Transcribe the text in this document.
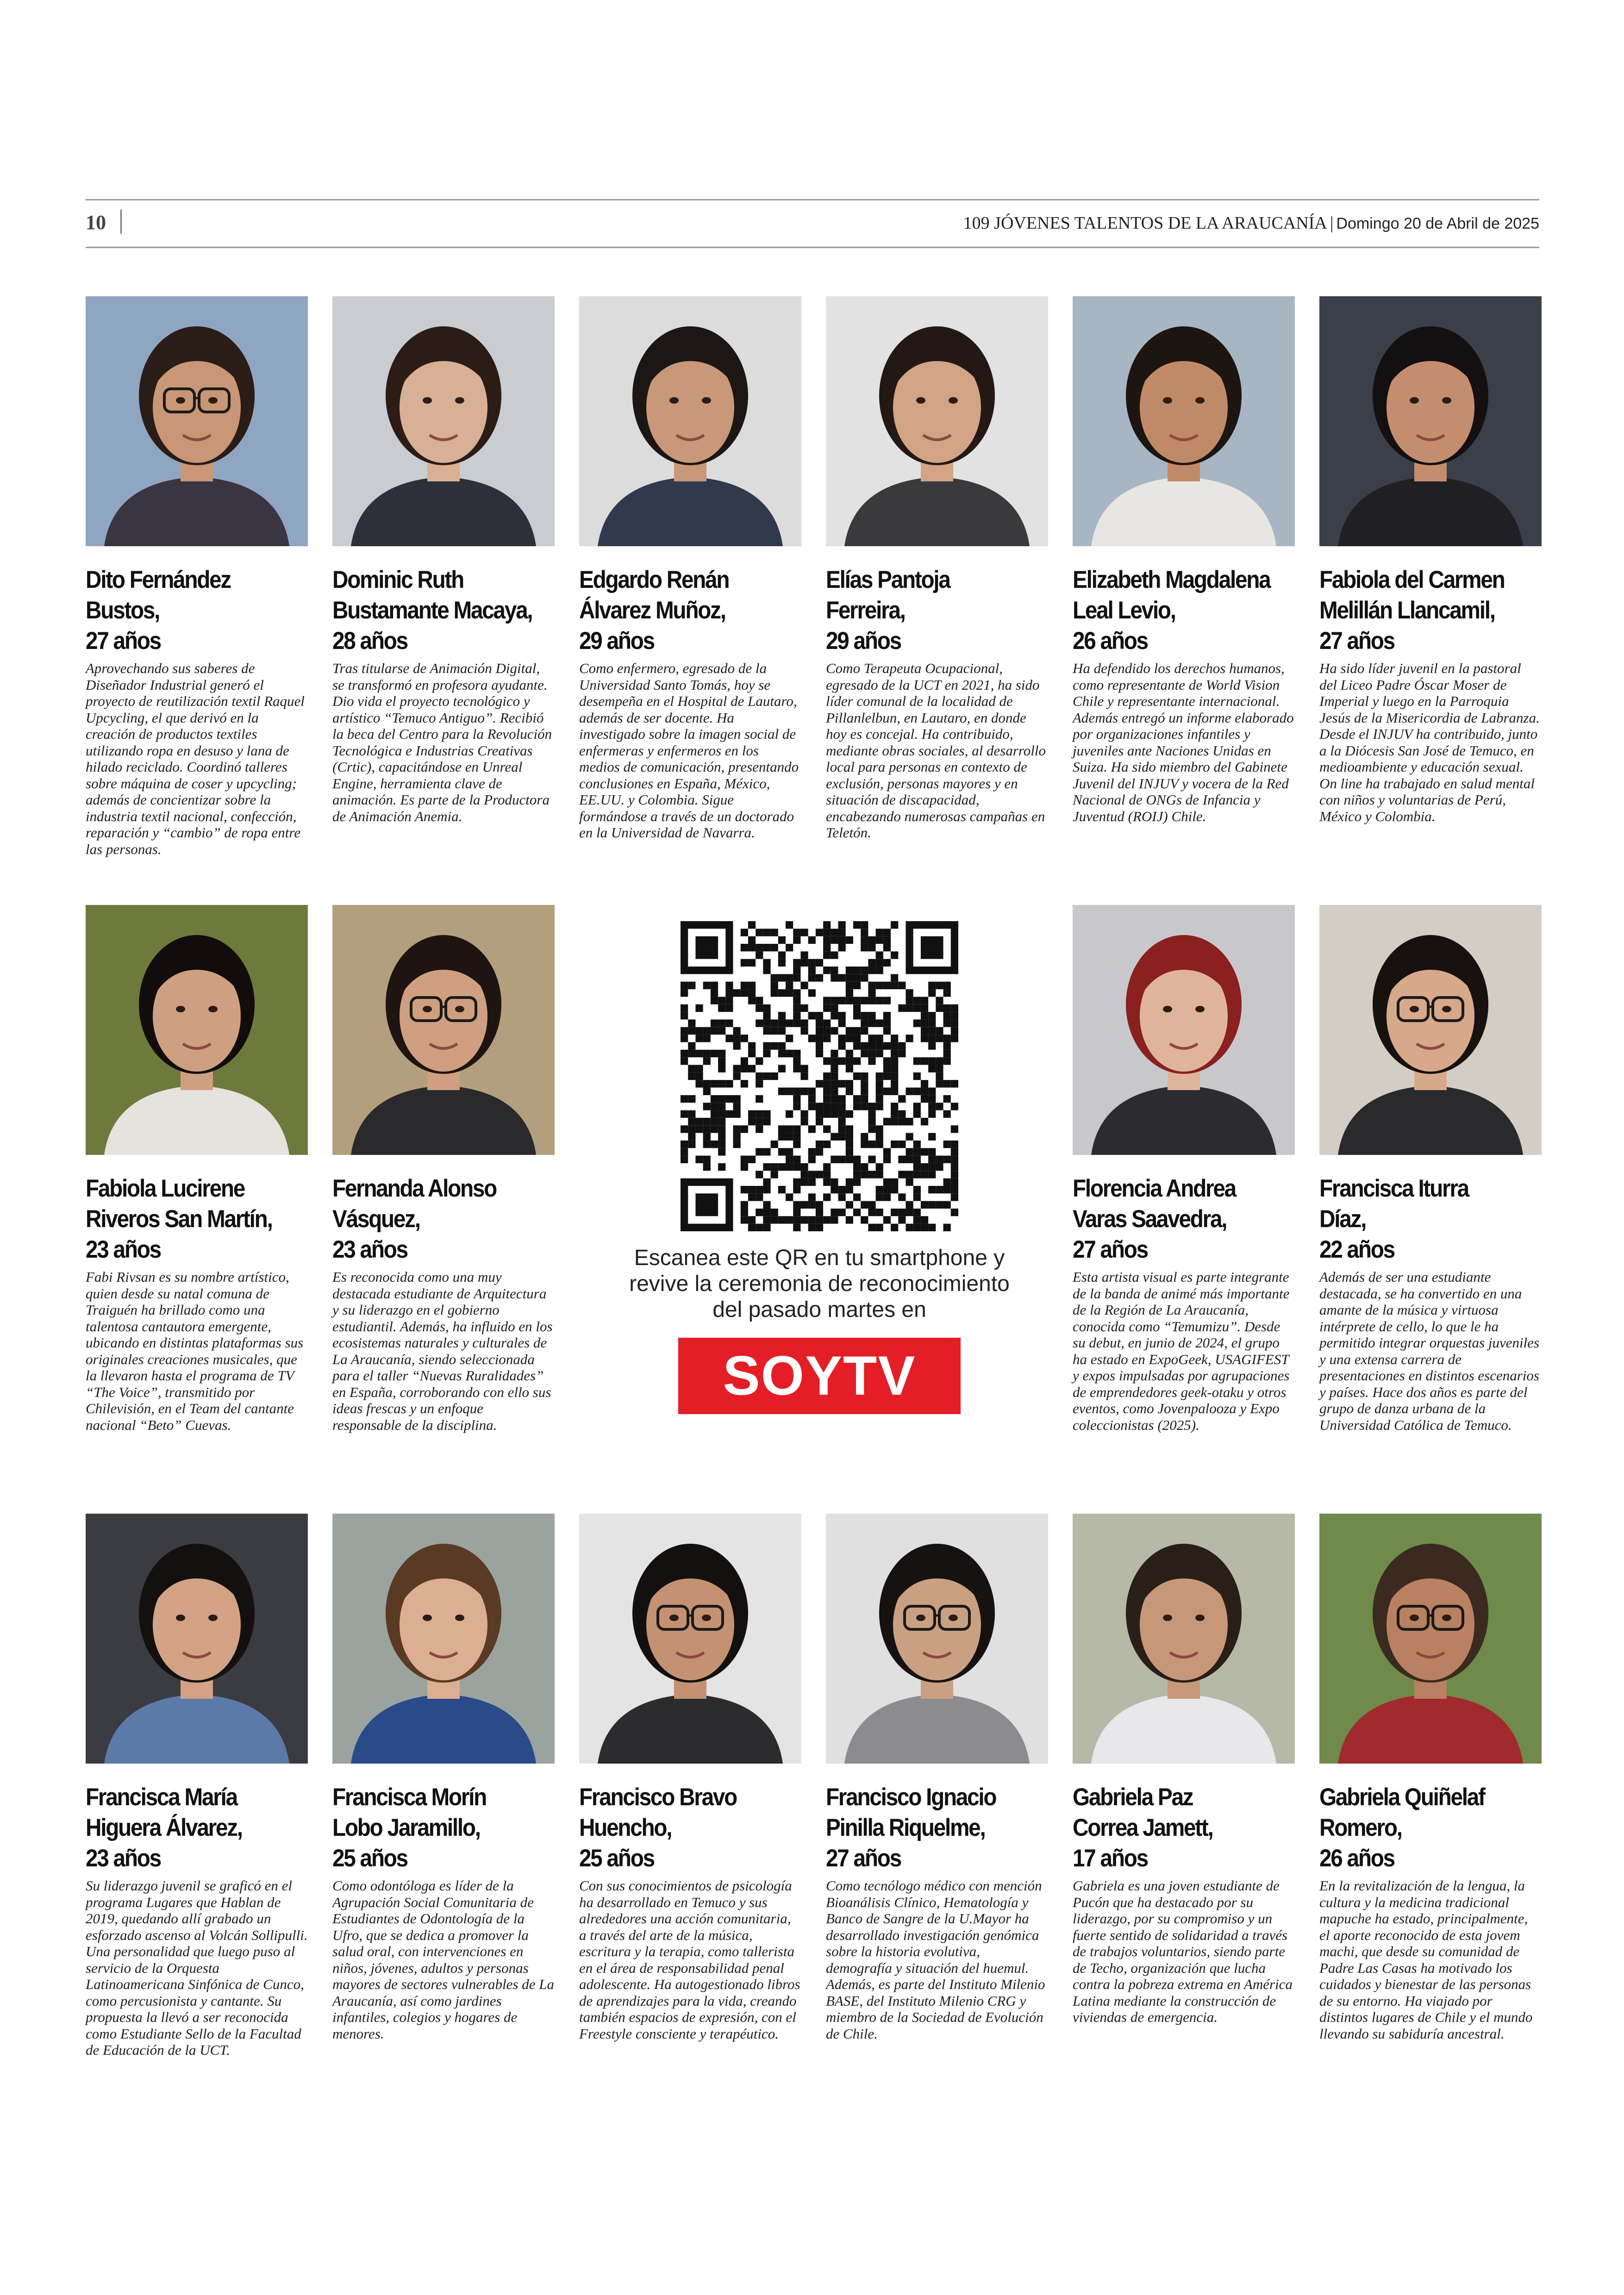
10	109 JÓVENES TALENTOS DE LA ARAUCANÍA | Domingo 20 de Abril de 2025
Dito Fernández
Bustos,
27 años
Aprovechando sus saberes de Diseñador Industrial generó el proyecto de reutilización textil Raquel Upcycling, el que derivó en la creación de productos textiles utilizando ropa en desuso y lana de hilado reciclado. Coordinó talleres sobre máquina de coser y upcycling; además de concientizar sobre la industria textil nacional, confección, reparación y “cambio” de ropa entre las personas.
Dominic Ruth
Bustamante Macaya,
28 años
Tras titularse de Animación Digital, se transformó en profesora ayudante. Dio vida el proyecto tecnológico y artístico “Temuco Antiguo”. Recibió la beca del Centro para la Revolución Tecnológica e Industrias Creativas (Crtic), capacitándose en Unreal Engine, herramienta clave de animación. Es parte de la Productora de Animación Anemia.
Edgardo Renán
Álvarez Muñoz,
29 años
Como enfermero, egresado de la Universidad Santo Tomás, hoy se desempeña en el Hospital de Lautaro, además de ser docente. Ha investigado sobre la imagen social de enfermeras y enfermeros en los medios de comunicación, presentando conclusiones en España, México, EE.UU. y Colombia. Sigue formándose a través de un doctorado en la Universidad de Navarra.
Elías Pantoja
Ferreira,
29 años
Como Terapeuta Ocupacional, egresado de la UCT en 2021, ha sido líder comunal de la localidad de Pillanlelbun, en Lautaro, en donde hoy es concejal. Ha contribuido, mediante obras sociales, al desarrollo local para personas en contexto de exclusión, personas mayores y en situación de discapacidad, encabezando numerosas campañas en Teletón.
Elizabeth Magdalena
Leal Levio,
26 años
Ha defendido los derechos humanos, como representante de World Vision Chile y representante internacional. Además entregó un informe elaborado por organizaciones infantiles y juveniles ante Naciones Unidas en Suiza. Ha sido miembro del Gabinete Juvenil del INJUV y vocera de la Red Nacional de ONGs de Infancia y Juventud (ROIJ) Chile.
Fabiola del Carmen
Melillán Llancamil,
27 años
Ha sido líder juvenil en la pastoral del Liceo Padre Óscar Moser de Imperial y luego en la Parroquia Jesús de la Misericordia de Labranza. Desde el INJUV ha contribuido, junto a la Diócesis San José de Temuco, en medioambiente y educación sexual. On line ha trabajado en salud mental con niños y voluntarias de Perú, México y Colombia.
Fabiola Lucirene
Riveros San Martín,
23 años
Fabi Rivsan es su nombre artístico, quien desde su natal comuna de Traiguén ha brillado como una talentosa cantautora emergente, ubicando en distintas plataformas sus originales creaciones musicales, que la llevaron hasta el programa de TV “The Voice”, transmitido por Chilevisión, en el Team del cantante nacional “Beto” Cuevas.
Fernanda Alonso
Vásquez,
23 años
Es reconocida como una muy destacada estudiante de Arquitectura y su liderazgo en el gobierno estudiantil. Además, ha influido en los ecosistemas naturales y culturales de La Araucanía, siendo seleccionada para el taller “Nuevas Ruralidades” en España, corroborando con ello sus ideas frescas y un enfoque responsable de la disciplina.
Florencia Andrea
Varas Saavedra,
27 años
Esta artista visual es parte integrante de la banda de animé más importante de la Región de La Araucanía, conocida como “Temumizu”. Desde su debut, en junio de 2024, el grupo ha estado en ExpoGeek, USAGIFEST y expos impulsadas por agrupaciones de emprendedores geek-otaku y otros eventos, como Jovenpalooza y Expo coleccionistas (2025).
Francisca Iturra
Díaz,
22 años
Además de ser una estudiante destacada, se ha convertido en una amante de la música y virtuosa intérprete de cello, lo que le ha permitido integrar orquestas juveniles y una extensa carrera de presentaciones en distintos escenarios y países. Hace dos años es parte del grupo de danza urbana de la Universidad Católica de Temuco.
Francisca María
Higuera Álvarez,
23 años
Su liderazgo juvenil se graficó en el programa Lugares que Hablan de 2019, quedando allí grabado un esforzado ascenso al Volcán Sollipulli. Una personalidad que luego puso al servicio de la Orquesta Latinoamericana Sinfónica de Cunco, como percusionista y cantante. Su propuesta la llevó a ser reconocida como Estudiante Sello de la Facultad de Educación de la UCT.
Francisca Morín
Lobo Jaramillo,
25 años
Como odontóloga es líder de la Agrupación Social Comunitaria de Estudiantes de Odontología de la Ufro, que se dedica a promover la salud oral, con intervenciones en niños, jóvenes, adultos y personas mayores de sectores vulnerables de La Araucanía, así como jardines infantiles, colegios y hogares de menores.
Francisco Bravo
Huencho,
25 años
Con sus conocimientos de psicología ha desarrollado en Temuco y sus alrededores una acción comunitaria, a través del arte de la música, escritura y la terapia, como tallerista en el área de responsabilidad penal adolescente. Ha autogestionado libros de aprendizajes para la vida, creando también espacios de expresión, con el Freestyle consciente y terapéutico.
Francisco Ignacio
Pinilla Riquelme,
27 años
Como tecnólogo médico con mención Bioanálisis Clínico, Hematología y Banco de Sangre de la U.Mayor ha desarrollado investigación genómica sobre la historia evolutiva, demografía y situación del huemul. Además, es parte del Instituto Milenio BASE, del Instituto Milenio CRG y miembro de la Sociedad de Evolución de Chile.
Gabriela Paz
Correa Jamett,
17 años
Gabriela es una joven estudiante de Pucón que ha destacado por su liderazgo, por su compromiso y un fuerte sentido de solidaridad a través de trabajos voluntarios, siendo parte de Techo, organización que lucha contra la pobreza extrema en América Latina mediante la construcción de viviendas de emergencia.
Gabriela Quiñelaf
Romero,
26 años
En la revitalización de la lengua, la cultura y la medicina tradicional mapuche ha estado, principalmente, el aporte reconocido de esta jovem machi, que desde su comunidad de Padre Las Casas ha motivado los cuidados y bienestar de las personas de su entorno. Ha viajado por distintos lugares de Chile y el mundo llevando su sabiduría ancestral.
Escanea este QR en tu smartphone y
revive la ceremonia de reconocimiento
del pasado martes en
SOYTV
